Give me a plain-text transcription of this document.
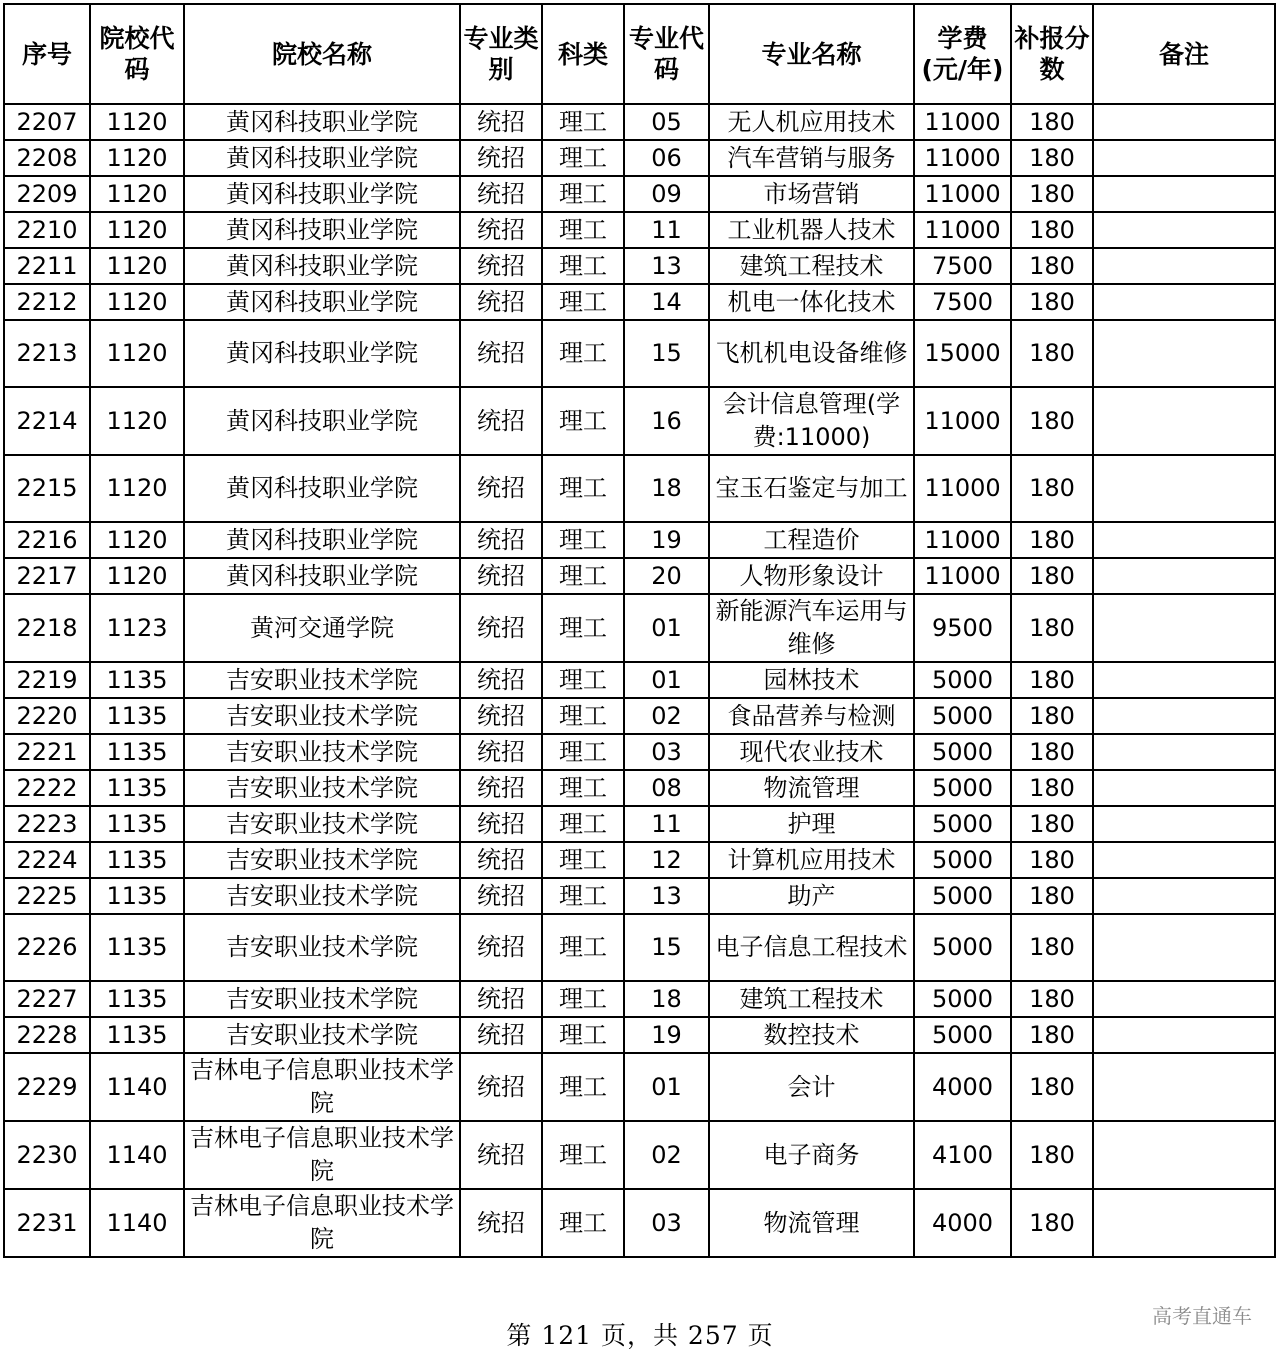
序号	院校代码	院校名称	专业类别	科类	专业代码	专业名称	学费(元/年)	补报分数	备注
2207	1120	黄冈科技职业学院	统招	理工	05	无人机应用技术	11000	180	
2208	1120	黄冈科技职业学院	统招	理工	06	汽车营销与服务	11000	180	
2209	1120	黄冈科技职业学院	统招	理工	09	市场营销	11000	180	
2210	1120	黄冈科技职业学院	统招	理工	11	工业机器人技术	11000	180	
2211	1120	黄冈科技职业学院	统招	理工	13	建筑工程技术	7500	180	
2212	1120	黄冈科技职业学院	统招	理工	14	机电一体化技术	7500	180	
2213	1120	黄冈科技职业学院	统招	理工	15	飞机机电设备维修	15000	180	
2214	1120	黄冈科技职业学院	统招	理工	16	会计信息管理(学费:11000)	11000	180	
2215	1120	黄冈科技职业学院	统招	理工	18	宝玉石鉴定与加工	11000	180	
2216	1120	黄冈科技职业学院	统招	理工	19	工程造价	11000	180	
2217	1120	黄冈科技职业学院	统招	理工	20	人物形象设计	11000	180	
2218	1123	黄河交通学院	统招	理工	01	新能源汽车运用与维修	9500	180	
2219	1135	吉安职业技术学院	统招	理工	01	园林技术	5000	180	
2220	1135	吉安职业技术学院	统招	理工	02	食品营养与检测	5000	180	
2221	1135	吉安职业技术学院	统招	理工	03	现代农业技术	5000	180	
2222	1135	吉安职业技术学院	统招	理工	08	物流管理	5000	180	
2223	1135	吉安职业技术学院	统招	理工	11	护理	5000	180	
2224	1135	吉安职业技术学院	统招	理工	12	计算机应用技术	5000	180	
2225	1135	吉安职业技术学院	统招	理工	13	助产	5000	180	
2226	1135	吉安职业技术学院	统招	理工	15	电子信息工程技术	5000	180	
2227	1135	吉安职业技术学院	统招	理工	18	建筑工程技术	5000	180	
2228	1135	吉安职业技术学院	统招	理工	19	数控技术	5000	180	
2229	1140	吉林电子信息职业技术学院	统招	理工	01	会计	4000	180	
2230	1140	吉林电子信息职业技术学院	统招	理工	02	电子商务	4100	180	
2231	1140	吉林电子信息职业技术学院	统招	理工	03	物流管理	4000	180	
第 121 页，共 257 页
高考直通车
